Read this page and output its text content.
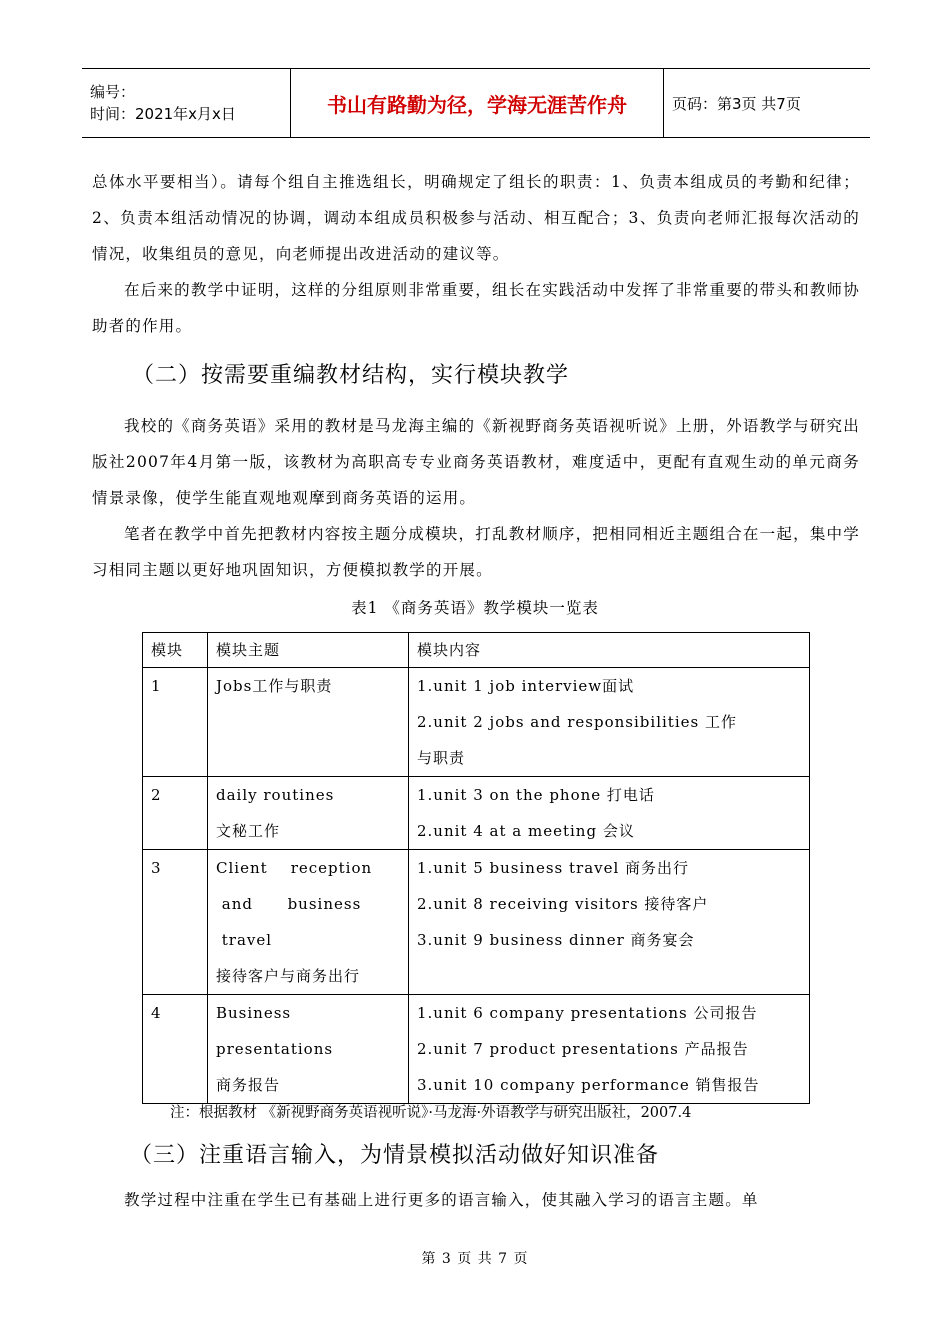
编号：
时间：2021年x月x日	书山有路勤为径，学海无涯苦作舟	页码：第3页 共7页

总体水平要相当）。请每个组自主推选组长，明确规定了组长的职责：1、负责本组成员的考勤和纪律；2、负责本组活动情况的协调，调动本组成员积极参与活动、相互配合；3、负责向老师汇报每次活动的情况，收集组员的意见，向老师提出改进活动的建议等。

在后来的教学中证明，这样的分组原则非常重要，组长在实践活动中发挥了非常重要的带头和教师协助者的作用。

（二）按需要重编教材结构，实行模块教学

我校的《商务英语》采用的教材是马龙海主编的《新视野商务英语视听说》上册，外语教学与研究出版社2007年4月第一版，该教材为高职高专专业商务英语教材，难度适中，更配有直观生动的单元商务情景录像，使学生能直观地观摩到商务英语的运用。

笔者在教学中首先把教材内容按主题分成模块，打乱教材顺序，把相同相近主题组合在一起，集中学习相同主题以更好地巩固知识，方便模拟教学的开展。

表1 《商务英语》教学模块一览表
模块	模块主题	模块内容

1	Jobs工作与职责	1.unit 1 job interview面试
2.unit 2 jobs and responsibilities 工作
与职责

2	daily routines
文秘工作	1.unit 3 on the phone 打电话
2.unit 4 at a meeting 会议

3	Client    reception
and      business
travel
接待客户与商务出行	1.unit 5 business travel 商务出行
2.unit 8 receiving visitors 接待客户
3.unit 9 business dinner 商务宴会

4	Business
presentations
商务报告	1.unit 6 company presentations 公司报告
2.unit 7 product presentations 产品报告
3.unit 10 company performance 销售报告
注：根据教材 《新视野商务英语视听说》·马龙海·外语教学与研究出版社，2007.4
（三）注重语言输入，为情景模拟活动做好知识准备

教学过程中注重在学生已有基础上进行更多的语言输入，使其融入学习的语言主题。单

第 3 页 共 7 页
